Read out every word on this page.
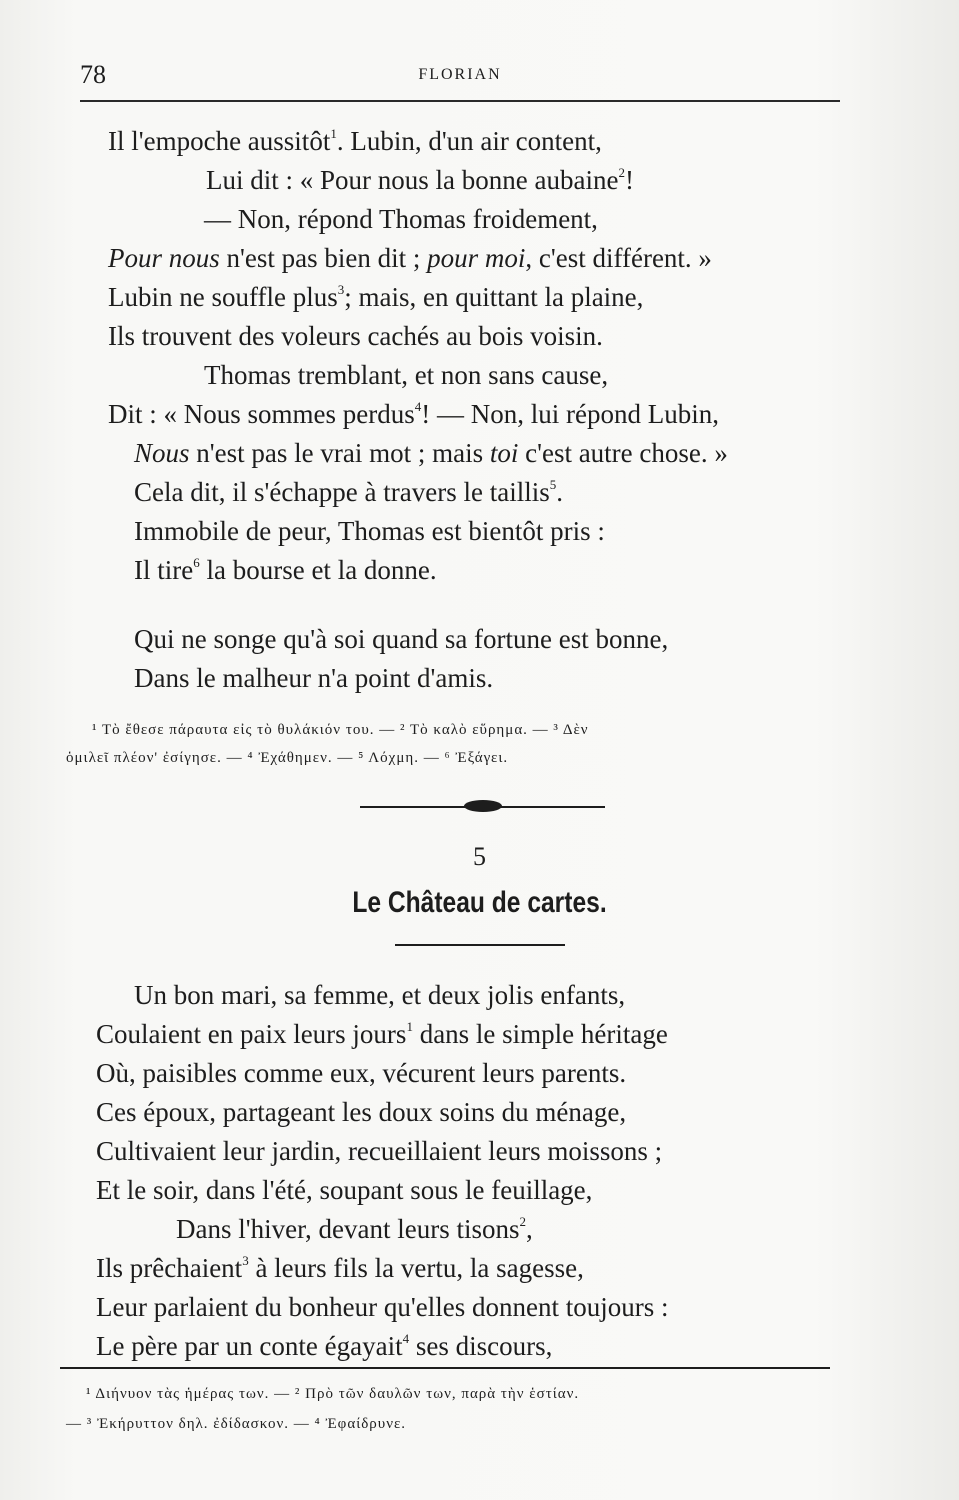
78	FLORIAN
Il l'empoche aussitôt$^1$. Lubin, d'un air content,
Lui dit : « Pour nous la bonne aubaine$^2$!
— Non, répond Thomas froidement,
Pour nous n'est pas bien dit ; pour moi, c'est différent. »
Lubin ne souffle plus$^3$; mais, en quittant la plaine,
Ils trouvent des voleurs cachés au bois voisin.
Thomas tremblant, et non sans cause,
Dit : « Nous sommes perdus$^4$! — Non, lui répond Lubin,
Nous n'est pas le vrai mot ; mais toi c'est autre chose. »
Cela dit, il s'échappe à travers le taillis$^5$.
Immobile de peur, Thomas est bientôt pris :
Il tire$^6$ la bourse et la donne.
Qui ne songe qu'à soi quand sa fortune est bonne,
Dans le malheur n'a point d'amis.
¹ Τὸ ἔθεσε πάραυτα εἰς τὸ θυλάκιόν του. — ² Τὸ καλὸ εὕρημα. — ³ Δὲν
ὁμιλεῖ πλέον' ἐσίγησε. — ⁴ Ἐχάθημεν. — ⁵ Λόχμη. — ⁶ Ἐξάγει.
5
Le Château de cartes.
Un bon mari, sa femme, et deux jolis enfants,
Coulaient en paix leurs jours$^1$ dans le simple héritage
Où, paisibles comme eux, vécurent leurs parents.
Ces époux, partageant les doux soins du ménage,
Cultivaient leur jardin, recueillaient leurs moissons ;
Et le soir, dans l'été, soupant sous le feuillage,
Dans l'hiver, devant leurs tisons$^2$,
Ils prêchaient$^3$ à leurs fils la vertu, la sagesse,
Leur parlaient du bonheur qu'elles donnent toujours :
Le père par un conte égayait$^4$ ses discours,
¹ Διήνυον τὰς ἡμέρας των. — ² Πρὸ τῶν δαυλῶν των, παρὰ τὴν ἑστίαν.
— ³ Ἐκήρυττον δηλ. ἐδίδασκον. — ⁴ Ἐφαίδρυνε.
